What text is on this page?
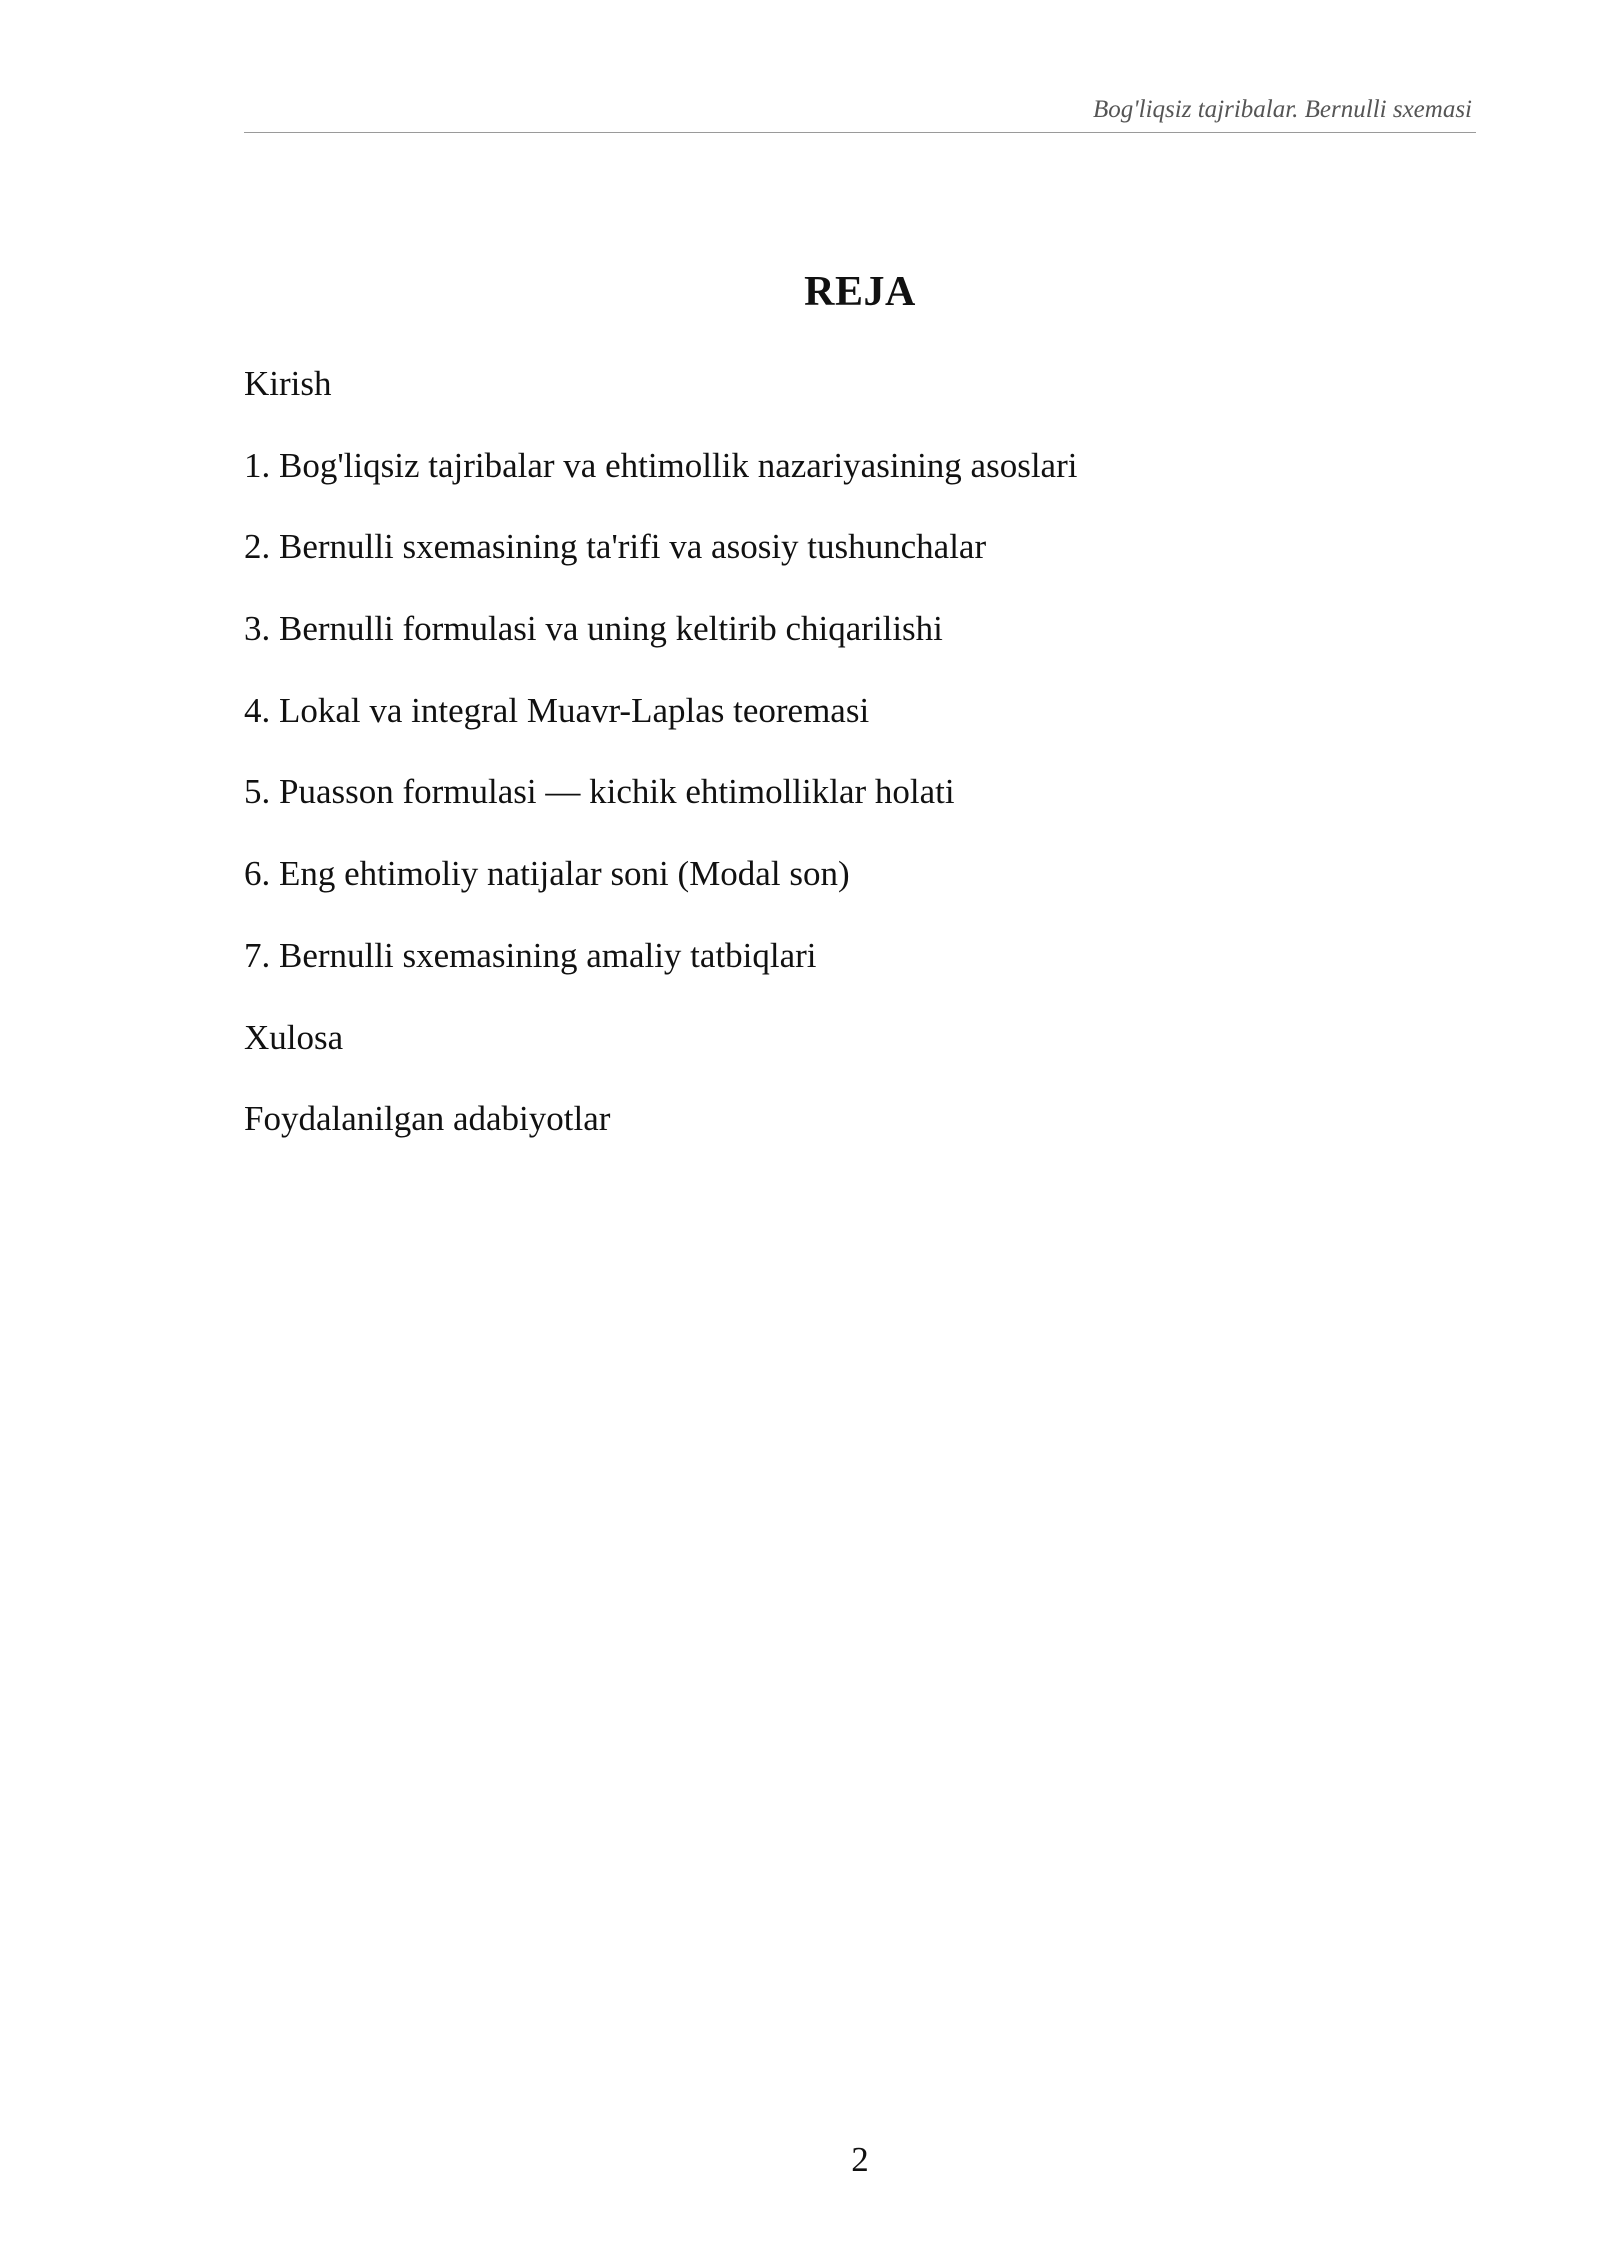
Bog'liqsiz tajribalar. Bernulli sxemasi
REJA
Kirish
1. Bog'liqsiz tajribalar va ehtimollik nazariyasining asoslari
2. Bernulli sxemasining ta'rifi va asosiy tushunchalar
3. Bernulli formulasi va uning keltirib chiqarilishi
4. Lokal va integral Muavr-Laplas teoremasi
5. Puasson formulasi — kichik ehtimolliklar holati
6. Eng ehtimoliy natijalar soni (Modal son)
7. Bernulli sxemasining amaliy tatbiqlari
Xulosa
Foydalanilgan adabiyotlar
2
